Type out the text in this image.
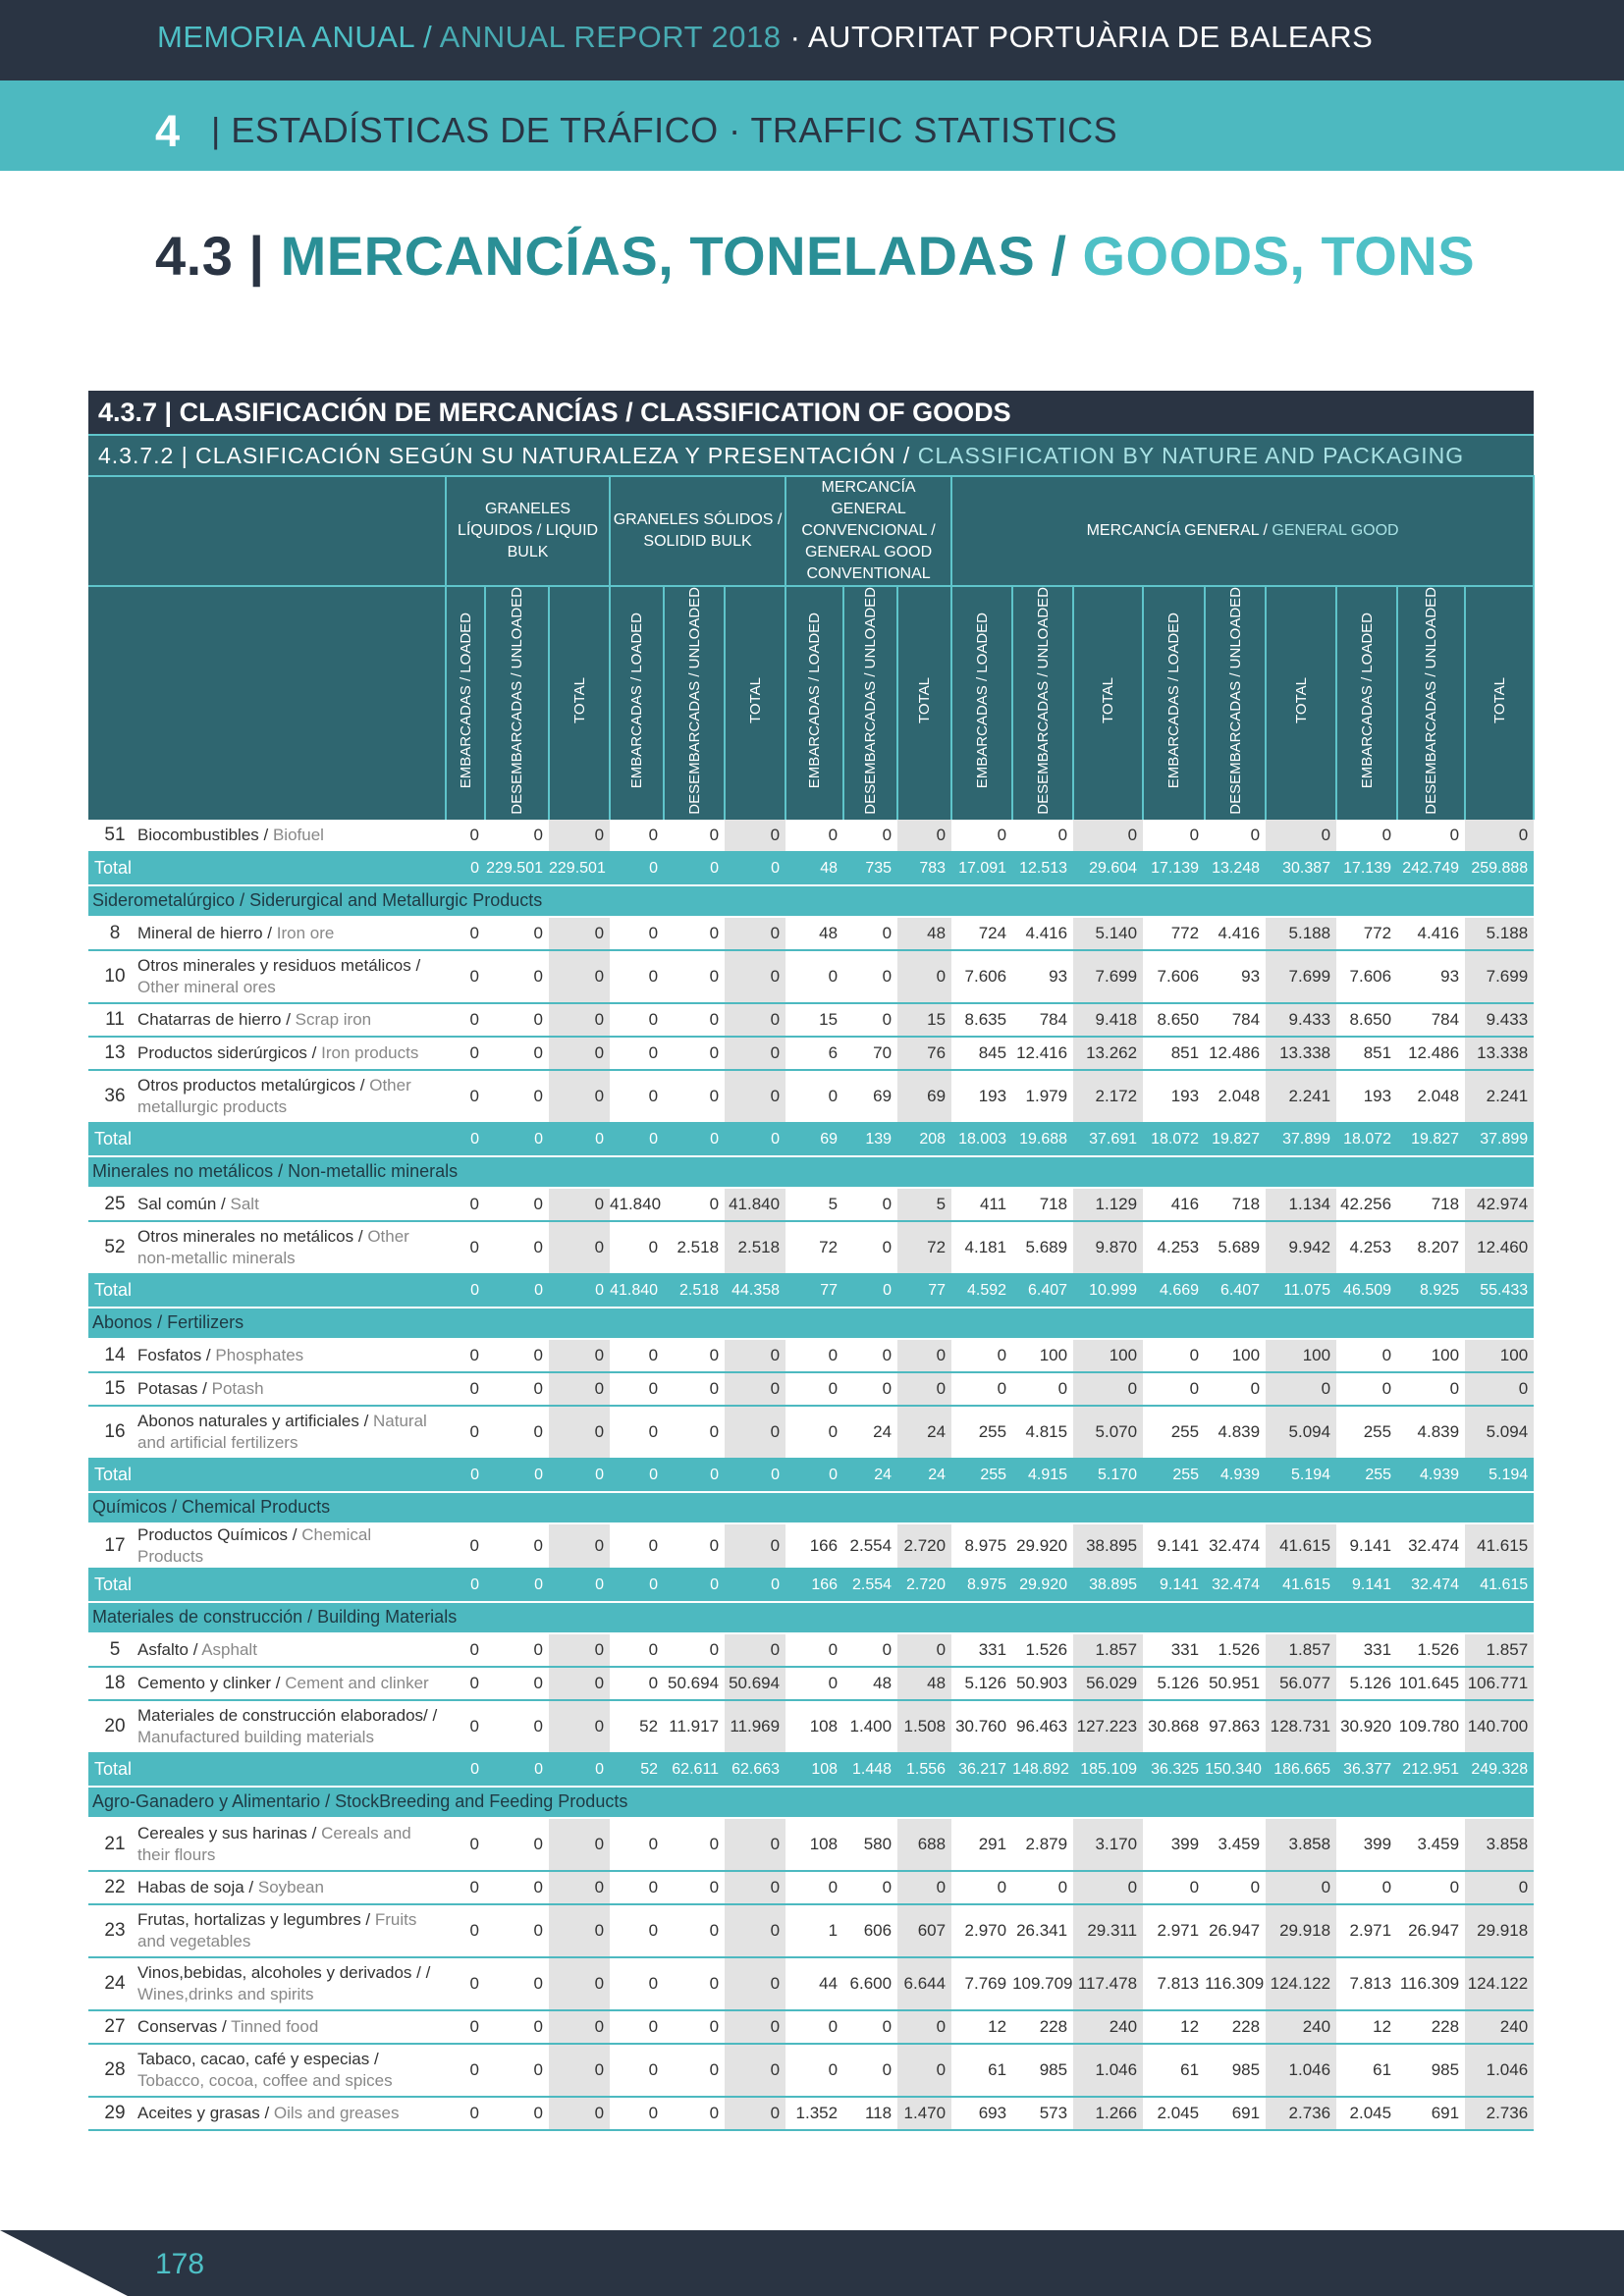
MEMORIA ANUAL / ANNUAL REPORT 2018 · AUTORITAT PORTUÀRIA DE BALEARS
4 | ESTADÍSTICAS DE TRÁFICO · TRAFFIC STATISTICS
4.3 | MERCANCÍAS, TONELADAS / GOODS, TONS
4.3.7 | CLASIFICACIÓN DE MERCANCÍAS / CLASSIFICATION OF GOODS
4.3.7.2 | CLASIFICACIÓN SEGÚN SU NATURALEZA Y PRESENTACIÓN / CLASSIFICATION BY NATURE AND PACKAGING
	GRANELES LÍQUIDOS / LIQUID BULK			GRANELES SÓLIDOS / SOLIDID BULK			MERCANCÍA GENERAL CONVENCIONAL / GENERAL GOOD CONVENTIONAL			MERCANCÍA GENERAL / GENERAL GOOD								
	EMBARCADAS / LOADED	DESEMBARCADAS / UNLOADED	TOTAL	EMBARCADAS / LOADED	DESEMBARCADAS / UNLOADED	TOTAL	EMBARCADAS / LOADED	DESEMBARCADAS / UNLOADED	TOTAL	EMBARCADAS / LOADED	DESEMBARCADAS / UNLOADED	TOTAL	EMBARCADAS / LOADED	DESEMBARCADAS / UNLOADED	TOTAL	EMBARCADAS / LOADED	DESEMBARCADAS / UNLOADED	TOTAL

51 Biocombustibles / Biofuel	0	0	0	0	0	0	0	0	0	0	0	0	0	0	0	0	0	0
Total	0	229.501	229.501	0	0	0	48	735	783	17.091	12.513	29.604	17.139	13.248	30.387	17.139	242.749	259.888
Siderometalúrgico / Siderurgical and Metallurgic Products																		

8 Mineral de hierro / Iron ore	0	0	0	0	0	0	48	0	48	724	4.416	5.140	772	4.416	5.188	772	4.416	5.188

10
Otros minerales y residuos metálicos / Other mineral ores	0	0	0	0	0	0	0	0	0	7.606	93	7.699	7.606	93	7.699	7.606	93	7.699

11 Chatarras de hierro / Scrap iron	0	0	0	0	0	0	15	0	15	8.635	784	9.418	8.650	784	9.433	8.650	784	9.433

13 Productos siderúrgicos / Iron products	0	0	0	0	0	0	6	70	76	845	12.416	13.262	851	12.486	13.338	851	12.486	13.338

36
Otros productos metalúrgicos / Other metallurgic products	0	0	0	0	0	0	0	69	69	193	1.979	2.172	193	2.048	2.241	193	2.048	2.241
Total	0	0	0	0	0	0	69	139	208	18.003	19.688	37.691	18.072	19.827	37.899	18.072	19.827	37.899
Minerales no metálicos / Non-metallic minerals																		

25 Sal común / Salt	0	0	0	41.840	0	41.840	5	0	5	411	718	1.129	416	718	1.134	42.256	718	42.974

52
Otros minerales no metálicos / Other non-metallic minerals	0	0	0	0	2.518	2.518	72	0	72	4.181	5.689	9.870	4.253	5.689	9.942	4.253	8.207	12.460
Total	0	0	0	41.840	2.518	44.358	77	0	77	4.592	6.407	10.999	4.669	6.407	11.075	46.509	8.925	55.433
Abonos / Fertilizers																		

14 Fosfatos / Phosphates	0	0	0	0	0	0	0	0	0	0	100	100	0	100	100	0	100	100

15 Potasas / Potash	0	0	0	0	0	0	0	0	0	0	0	0	0	0	0	0	0	0

16
Abonos naturales y artificiales / Natural and artificial fertilizers	0	0	0	0	0	0	0	24	24	255	4.815	5.070	255	4.839	5.094	255	4.839	5.094
Total	0	0	0	0	0	0	0	24	24	255	4.915	5.170	255	4.939	5.194	255	4.939	5.194
Químicos / Chemical Products																		

17
Productos Químicos / Chemical Products	0	0	0	0	0	0	166	2.554	2.720	8.975	29.920	38.895	9.141	32.474	41.615	9.141	32.474	41.615
Total	0	0	0	0	0	0	166	2.554	2.720	8.975	29.920	38.895	9.141	32.474	41.615	9.141	32.474	41.615
Materiales de construcción / Building Materials																		

5 Asfalto / Asphalt	0	0	0	0	0	0	0	0	0	331	1.526	1.857	331	1.526	1.857	331	1.526	1.857

18 Cemento y clinker / Cement and clinker	0	0	0	0	50.694	50.694	0	48	48	5.126	50.903	56.029	5.126	50.951	56.077	5.126	101.645	106.771

20
Materiales de construcción elaborados/ / Manufactured building materials	0	0	0	52	11.917	11.969	108	1.400	1.508	30.760	96.463	127.223	30.868	97.863	128.731	30.920	109.780	140.700
Total	0	0	0	52	62.611	62.663	108	1.448	1.556	36.217	148.892	185.109	36.325	150.340	186.665	36.377	212.951	249.328
Agro-Ganadero y Alimentario / StockBreeding and Feeding Products																		

21
Cereales y sus harinas / Cereals and their flours	0	0	0	0	0	0	108	580	688	291	2.879	3.170	399	3.459	3.858	399	3.459	3.858

22 Habas de soja / Soybean	0	0	0	0	0	0	0	0	0	0	0	0	0	0	0	0	0	0

23
Frutas, hortalizas y legumbres / Fruits and vegetables	0	0	0	0	0	0	1	606	607	2.970	26.341	29.311	2.971	26.947	29.918	2.971	26.947	29.918

24
Vinos,bebidas, alcoholes y derivados / / Wines,drinks and spirits	0	0	0	0	0	0	44	6.600	6.644	7.769	109.709	117.478	7.813	116.309	124.122	7.813	116.309	124.122

27 Conservas / Tinned food	0	0	0	0	0	0	0	0	0	12	228	240	12	228	240	12	228	240

28
Tabaco, cacao, café y especias / Tobacco, cocoa, coffee and spices	0	0	0	0	0	0	0	0	0	61	985	1.046	61	985	1.046	61	985	1.046

29 Aceites y grasas / Oils and greases	0	0	0	0	0	0	1.352	118	1.470	693	573	1.266	2.045	691	2.736	2.045	691	2.736
178
